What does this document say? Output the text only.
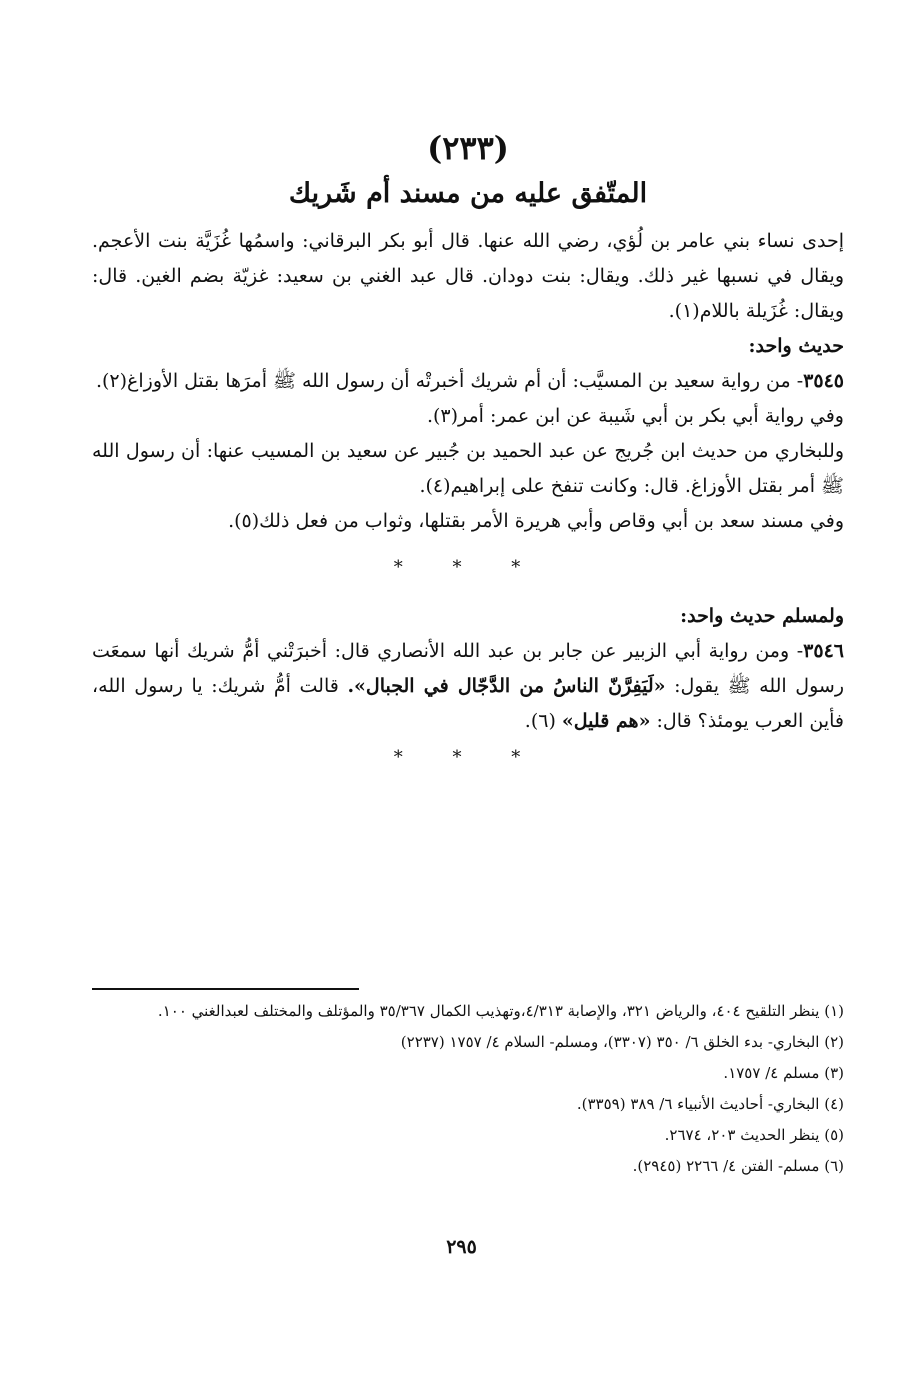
(٢٣٣)

المتّفق عليه من مسند أم شَريك

إحدى نساء بني عامر بن لُؤي، رضي الله عنها. قال أبو بكر البرقاني: واسمُها غُزَيَّة بنت الأعجم. ويقال في نسبها غير ذلك. ويقال: بنت دودان. قال عبد الغني بن سعيد: غزيّة بضم الغين. قال: ويقال: غُزَيلة باللام(١).

حديث واحد:

٣٥٤٥- من رواية سعيد بن المسيَّب: أن أم شريك أخبرتْه أن رسول الله ﷺ أمرَها بقتل الأوزاغ(٢).

وفي رواية أبي بكر بن أبي شَيبة عن ابن عمر: أمر(٣).

وللبخاري من حديث ابن جُريج عن عبد الحميد بن جُبير عن سعيد بن المسيب عنها: أن رسول الله ﷺ أمر بقتل الأوزاغ. قال: وكانت تنفخ على إبراهيم(٤).

وفي مسند سعد بن أبي وقاص وأبي هريرة الأمر بقتلها، وثواب من فعل ذلك(٥).

* * *

ولمسلم حديث واحد:

٣٥٤٦- ومن رواية أبي الزبير عن جابر بن عبد الله الأنصاري قال: أخبرَتْني أمُّ شريك أنها سمعَت رسول الله ﷺ يقول: «لَيَفِرَّنّ الناسُ من الدَّجّال في الجبال». قالت أمُّ شريك: يا رسول الله، فأين العرب يومئذ؟ قال: «هم قليل» (٦).

* * *

(١) ينظر التلقيح ٤٠٤، والرياض ٣٢١، والإصابة ٤/٣١٣،وتهذيب الكمال ٣٥/٣٦٧ والمؤتلف والمختلف لعبدالغني ١٠٠.

(٢) البخاري- بدء الخلق ٦/ ٣٥٠ (٣٣٠٧)، ومسلم- السلام ٤/ ١٧٥٧ (٢٢٣٧)

(٣) مسلم ٤/ ١٧٥٧.

(٤) البخاري- أحاديث الأنبياء ٦/ ٣٨٩ (٣٣٥٩).

(٥) ينظر الحديث ٢٠٣، ٢٦٧٤.

(٦) مسلم- الفتن ٤/ ٢٢٦٦ (٢٩٤٥).

٢٩٥
